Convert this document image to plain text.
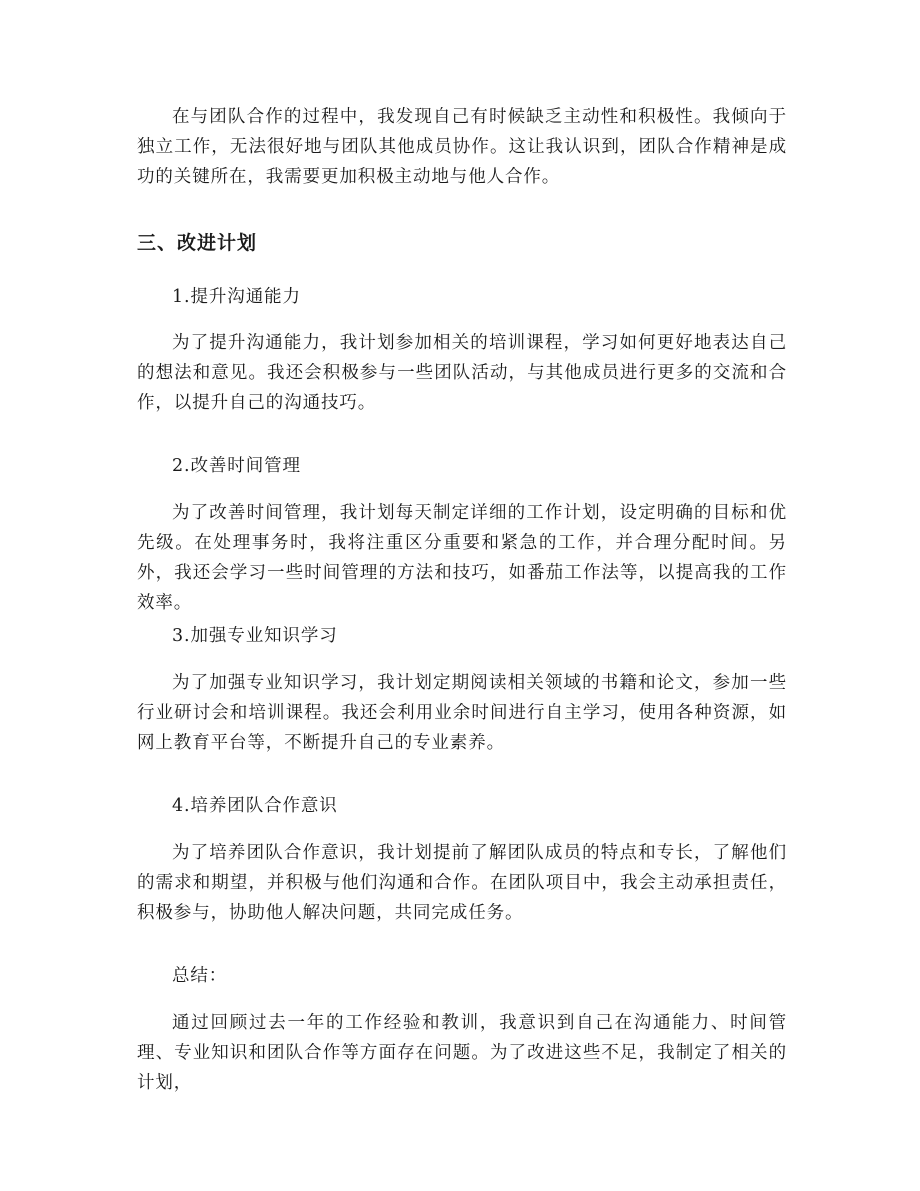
在与团队合作的过程中，我发现自己有时候缺乏主动性和积极性。我倾向于独立工作，无法很好地与团队其他成员协作。这让我认识到，团队合作精神是成功的关键所在，我需要更加积极主动地与他人合作。

三、改进计划

1.提升沟通能力

为了提升沟通能力，我计划参加相关的培训课程，学习如何更好地表达自己的想法和意见。我还会积极参与一些团队活动，与其他成员进行更多的交流和合作，以提升自己的沟通技巧。

2.改善时间管理

为了改善时间管理，我计划每天制定详细的工作计划，设定明确的目标和优先级。在处理事务时，我将注重区分重要和紧急的工作，并合理分配时间。另外，我还会学习一些时间管理的方法和技巧，如番茄工作法等，以提高我的工作效率。

3.加强专业知识学习

为了加强专业知识学习，我计划定期阅读相关领域的书籍和论文，参加一些行业研讨会和培训课程。我还会利用业余时间进行自主学习，使用各种资源，如网上教育平台等，不断提升自己的专业素养。

4.培养团队合作意识

为了培养团队合作意识，我计划提前了解团队成员的特点和专长，了解他们的需求和期望，并积极与他们沟通和合作。在团队项目中，我会主动承担责任，积极参与，协助他人解决问题，共同完成任务。

总结：

通过回顾过去一年的工作经验和教训，我意识到自己在沟通能力、时间管理、专业知识和团队合作等方面存在问题。为了改进这些不足，我制定了相关的计划，
